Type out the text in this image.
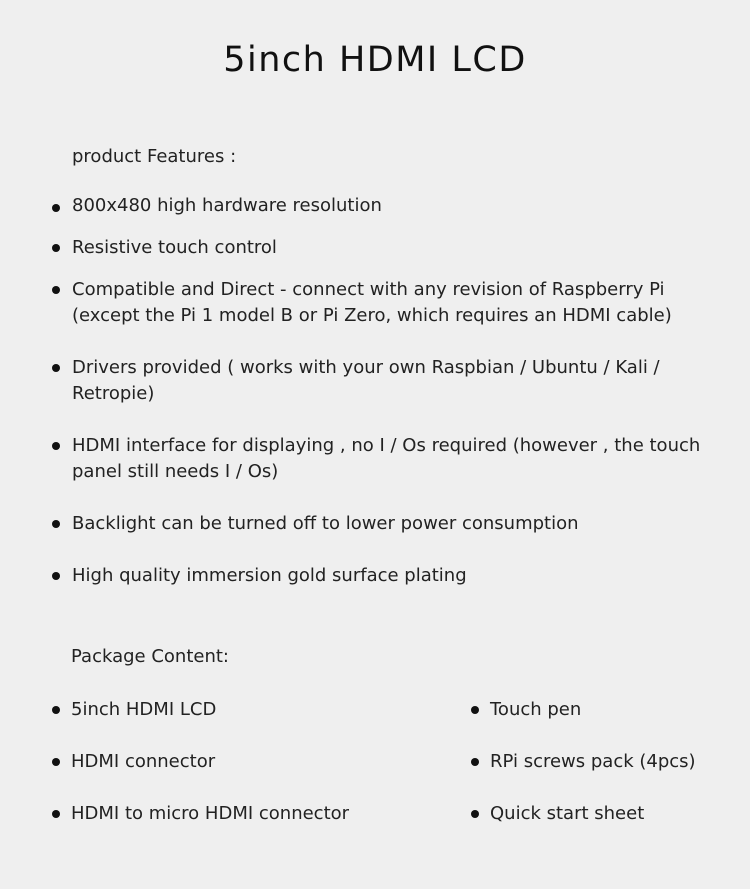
5inch HDMI LCD
product Features :
800x480 high hardware resolution
Resistive touch control
Compatible and Direct - connect with any revision of Raspberry Pi (except the Pi 1 model B or Pi Zero, which requires an HDMI cable)
Drivers provided ( works with your own Raspbian / Ubuntu / Kali / Retropie)
HDMI interface for displaying , no I / Os required (however , the touch panel still needs I / Os)
Backlight can be turned off to lower power consumption
High quality immersion gold surface plating
Package Content:
5inch HDMI LCD
HDMI connector
HDMI to micro HDMI connector
Touch pen
RPi screws pack (4pcs)
Quick start sheet
